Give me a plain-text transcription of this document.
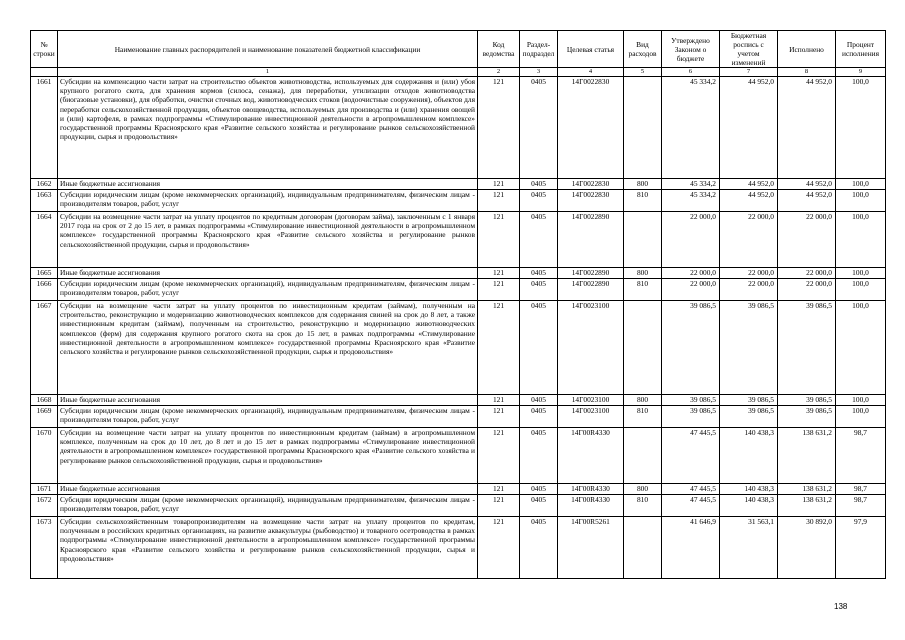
№ строки	Наименование главных распорядителей и наименование показателей бюджетной классификации	Код ведомства	Раздел-подраздел	Целевая статья	Вид расходов	Утверждено Законом о бюджете	Бюджетная роспись с учетом изменений	Исполнено	Процент исполнения
	1	2	3	4	5	6	7	8	9
1661	Субсидии на компенсацию части затрат на строительство объектов животноводства, используемых для содержания и (или) убоя крупного рогатого скота, для хранения кормов (силоса, сенажа), для переработки, утилизации отходов животноводства (биогазовые установки), для обработки, очистки сточных вод, животноводческих стоков (водоочистные сооружения), объектов для переработки сельскохозяйственной продукции, объектов овощеводства, используемых для производства и (или) хранения овощей и (или) картофеля, в рамках подпрограммы «Стимулирование инвестиционной деятельности в агропромышленном комплексе» государственной программы Красноярского края «Развитие сельского хозяйства и регулирование рынков сельскохозяйственной продукции, сырья и продовольствия»	121	0405	14Г0022830		45 334,2	44 952,0	44 952,0	100,0
1662	Иные бюджетные ассигнования	121	0405	14Г0022830	800	45 334,2	44 952,0	44 952,0	100,0
1663	Субсидии юридическим лицам (кроме некоммерческих организаций), индивидуальным предпринимателям, физическим лицам - производителям товаров, работ, услуг	121	0405	14Г0022830	810	45 334,2	44 952,0	44 952,0	100,0
1664	Субсидии на возмещение части затрат на уплату процентов по кредитным договорам (договорам займа), заключенным с 1 января 2017 года на срок от 2 до 15 лет, в рамках подпрограммы «Стимулирование инвестиционной деятельности в агропромышленном комплексе» государственной программы Красноярского края «Развитие сельского хозяйства и регулирование рынков сельскохозяйственной продукции, сырья и продовольствия»	121	0405	14Г0022890		22 000,0	22 000,0	22 000,0	100,0
1665	Иные бюджетные ассигнования	121	0405	14Г0022890	800	22 000,0	22 000,0	22 000,0	100,0
1666	Субсидии юридическим лицам (кроме некоммерческих организаций), индивидуальным предпринимателям, физическим лицам - производителям товаров, работ, услуг	121	0405	14Г0022890	810	22 000,0	22 000,0	22 000,0	100,0
1667	Субсидии на возмещение части затрат на уплату процентов по инвестиционным кредитам (займам), полученным на строительство, реконструкцию и модернизацию животноводческих комплексов для содержания свиней на срок до 8 лет, а также инвестиционным кредитам (займам), полученным на строительство, реконструкцию и модернизацию животноводческих комплексов (ферм) для содержания крупного рогатого скота на срок до 15 лет, в рамках подпрограммы «Стимулирование инвестиционной деятельности в агропромышленном комплексе» государственной программы Красноярского края «Развитие сельского хозяйства и регулирование рынков сельскохозяйственной продукции, сырья и продовольствия»	121	0405	14Г0023100		39 086,5	39 086,5	39 086,5	100,0
1668	Иные бюджетные ассигнования	121	0405	14Г0023100	800	39 086,5	39 086,5	39 086,5	100,0
1669	Субсидии юридическим лицам (кроме некоммерческих организаций), индивидуальным предпринимателям, физическим лицам - производителям товаров, работ, услуг	121	0405	14Г0023100	810	39 086,5	39 086,5	39 086,5	100,0
1670	Субсидии на возмещение части затрат на уплату процентов по инвестиционным кредитам (займам) в агропромышленном комплексе, полученным на срок до 10 лет, до 8 лет и до 15 лет в рамках подпрограммы «Стимулирование инвестиционной деятельности в агропромышленном комплексе» государственной программы Красноярского края «Развитие сельского хозяйства и регулирование рынков сельскохозяйственной продукции, сырья и продовольствия»	121	0405	14Г00R4330		47 445,5	140 438,3	138 631,2	98,7
1671	Иные бюджетные ассигнования	121	0405	14Г00R4330	800	47 445,5	140 438,3	138 631,2	98,7
1672	Субсидии юридическим лицам (кроме некоммерческих организаций), индивидуальным предпринимателям, физическим лицам - производителям товаров, работ, услуг	121	0405	14Г00R4330	810	47 445,5	140 438,3	138 631,2	98,7
1673	Субсидии сельскохозяйственным товаропроизводителям на возмещение части затрат на уплату процентов по кредитам, полученным в российских кредитных организациях, на развитие аквакультуры (рыбоводство) и товарного осетроводства в рамках подпрограммы «Стимулирование инвестиционной деятельности в агропромышленном комплексе» государственной программы Красноярского края «Развитие сельского хозяйства и регулирование рынков сельскохозяйственной продукции, сырья и продовольствия»	121	0405	14Г00R5261		41 646,9	31 563,1	30 892,0	97,9
138
